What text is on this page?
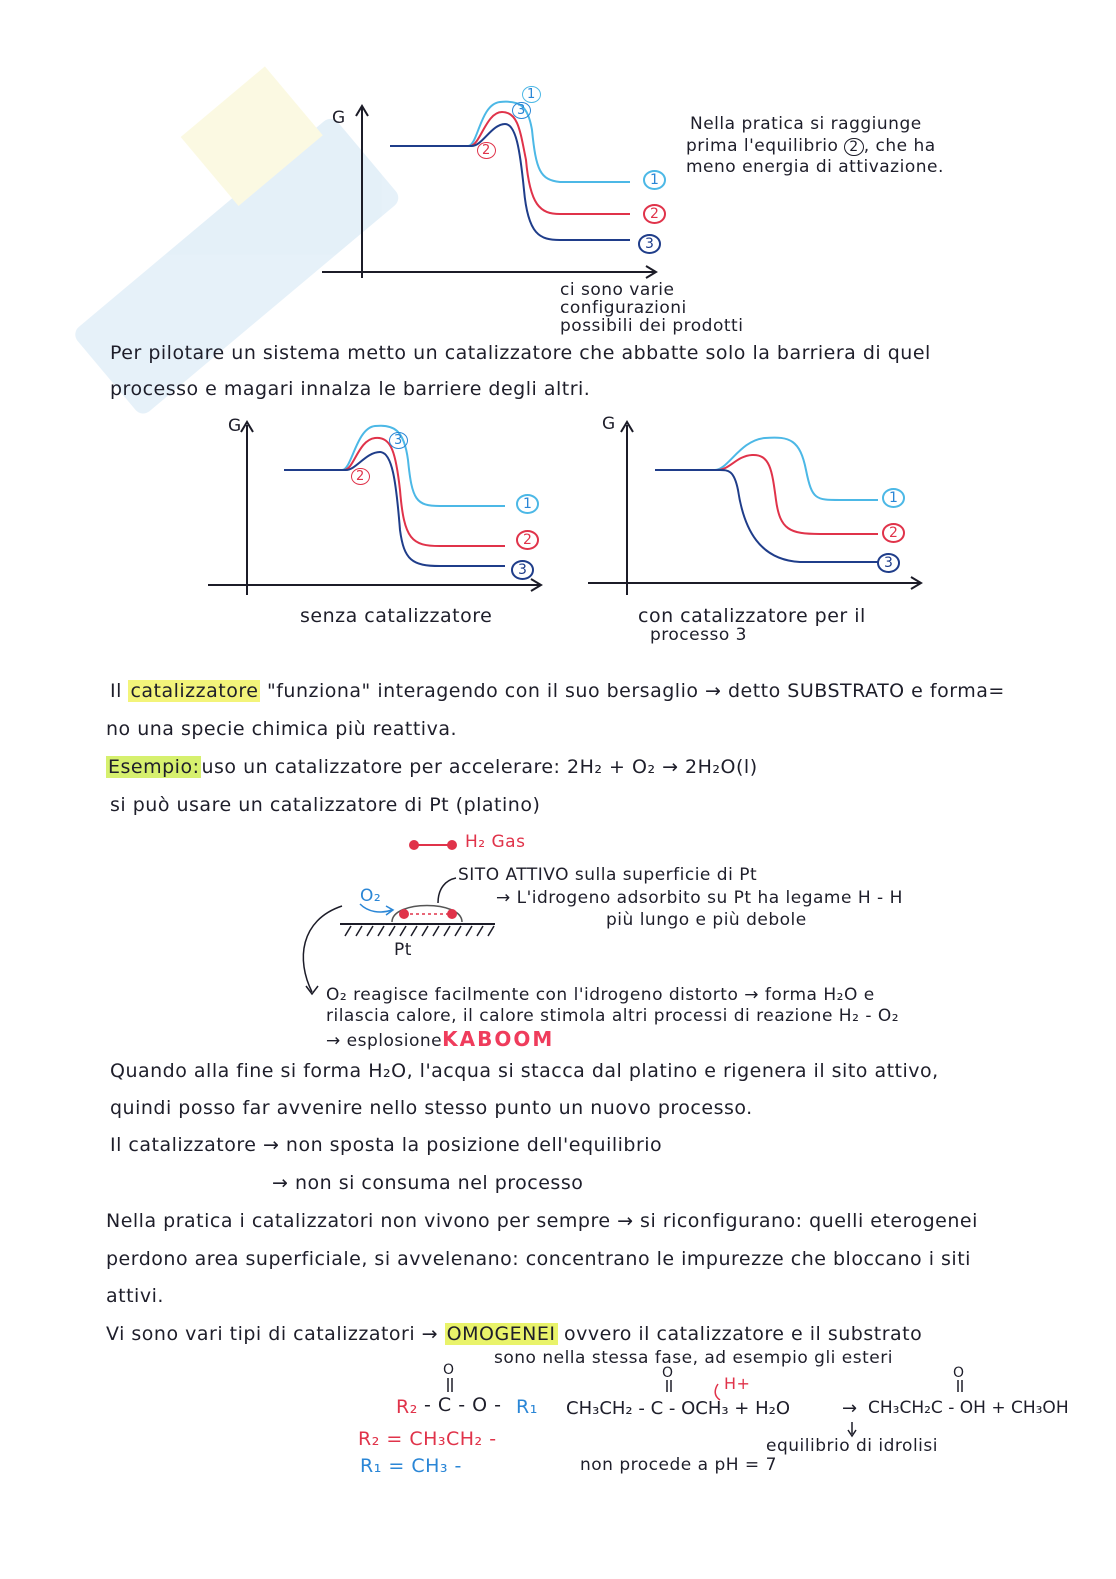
G
2
3
1
1
2
3
Nella pratica si raggiunge
prima l'equilibrio 2 , che ha
meno energia di attivazione.
ci sono varie
configurazioni
possibili dei prodotti
Per pilotare un sistema metto un catalizzatore che abbatte solo la barriera di quel
processo e magari innalza le barriere degli altri.
G
2
3
1
2
3
senza catalizzatore
G
1
2
3
con catalizzatore per il
processo 3
Il catalizzatore "funziona" interagendo con il suo bersaglio → detto SUBSTRATO e forma=
no una specie chimica più reattiva.
Esempio: uso un catalizzatore per accelerare: 2H₂ + O₂ → 2H₂O(l)
si può usare un catalizzatore di Pt (platino)
H₂ Gas
SITO ATTIVO sulla superficie di Pt
O₂	→ L'idrogeno adsorbito su Pt ha legame H - H
più lungo e più debole
Pt
O₂ reagisce facilmente con l'idrogeno distorto → forma H₂O e
rilascia calore, il calore stimola altri processi di reazione H₂ - O₂
→ esplosioneKABOOM
Quando alla fine si forma H₂O, l'acqua si stacca dal platino e rigenera il sito attivo,
quindi posso far avvenire nello stesso punto un nuovo processo.
Il catalizzatore → non sposta la posizione dell'equilibrio
→ non si consuma nel processo
Nella pratica i catalizzatori non vivono per sempre → si riconfigurano: quelli eterogenei
perdono area superficiale, si avvelenano: concentrano le impurezze che bloccano i siti
attivi.
Vi sono vari tipi di catalizzatori → OMOGENEI ovvero il catalizzatore e il substrato
sono nella stessa fase, ad esempio gli esteri
O
R₂ - C - O - R₁
R₂ = CH₃CH₂ -
R₁ = CH₃ -
O	O
H+
CH₃CH₂ - C - OCH₃ + H₂O	→ CH₃CH₂C - OH + CH₃OH
equilibrio di idrolisi
non procede a pH = 7
